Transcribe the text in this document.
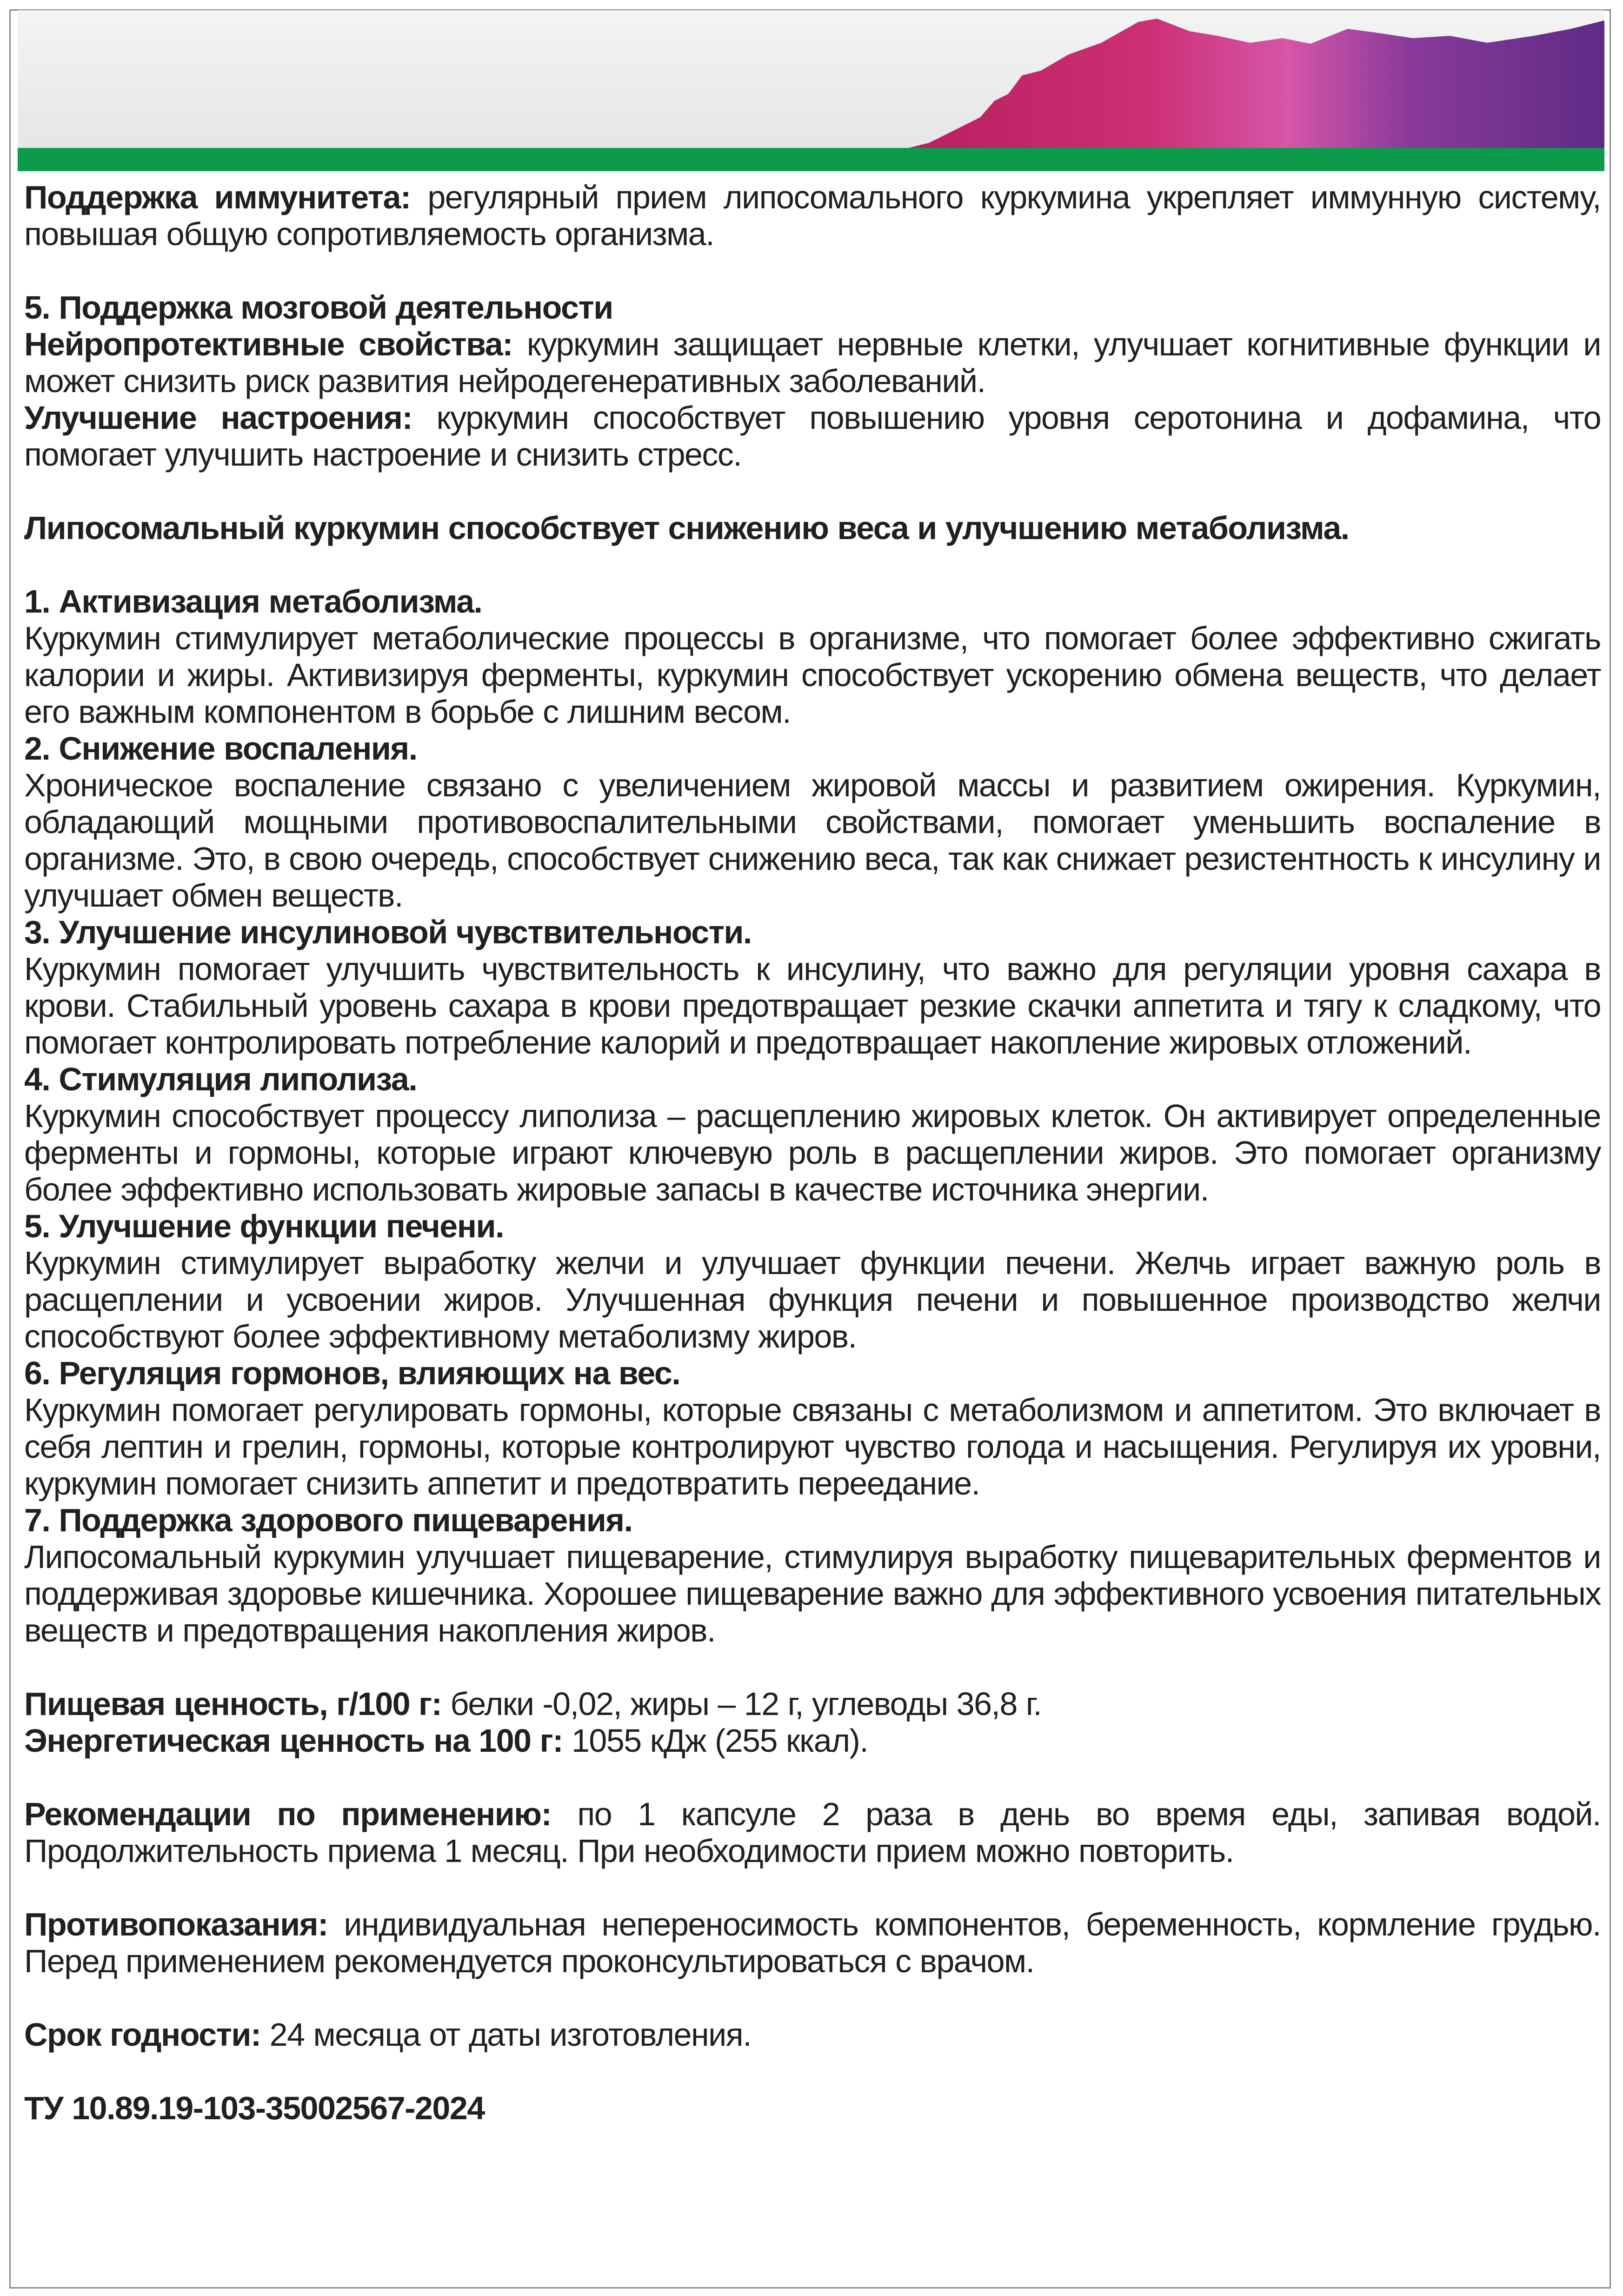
Поддержка иммунитета: регулярный прием липосомального куркумина укрепляет иммунную систему, повышая общую сопротивляемость организма.

5. Поддержка мозговой деятельности

Нейропротективные свойства: куркумин защищает нервные клетки, улучшает когнитивные функции и может снизить риск развития нейродегенеративных заболеваний.

Улучшение настроения: куркумин способствует повышению уровня серотонина и дофамина, что помогает улучшить настроение и снизить стресс.

Липосомальный куркумин способствует снижению веса и улучшению метаболизма.

1. Активизация метаболизма.

Куркумин стимулирует метаболические процессы в организме, что помогает более эффективно сжигать калории и жиры. Активизируя ферменты, куркумин способствует ускорению обмена веществ, что делает его важным компонентом в борьбе с лишним весом.

2. Снижение воспаления.

Хроническое воспаление связано с увеличением жировой массы и развитием ожирения. Куркумин, обладающий мощными противовоспалительными свойствами, помогает уменьшить воспаление в организме. Это, в свою очередь, способствует снижению веса, так как снижает резистентность к инсулину и улучшает обмен веществ.

3. Улучшение инсулиновой чувствительности.

Куркумин помогает улучшить чувствительность к инсулину, что важно для регуляции уровня сахара в крови. Стабильный уровень сахара в крови предотвращает резкие скачки аппетита и тягу к сладкому, что помогает контролировать потребление калорий и предотвращает накопление жировых отложений.

4. Стимуляция липолиза.

Куркумин способствует процессу липолиза – расщеплению жировых клеток. Он активирует определенные ферменты и гормоны, которые играют ключевую роль в расщеплении жиров. Это помогает организму более эффективно использовать жировые запасы в качестве источника энергии.

5. Улучшение функции печени.

Куркумин стимулирует выработку желчи и улучшает функции печени. Желчь играет важную роль в расщеплении и усвоении жиров. Улучшенная функция печени и повышенное производство желчи способствуют более эффективному метаболизму жиров.

6. Регуляция гормонов, влияющих на вес.

Куркумин помогает регулировать гормоны, которые связаны с метаболизмом и аппетитом. Это включает в себя лептин и грелин, гормоны, которые контролируют чувство голода и насыщения. Регулируя их уровни, куркумин помогает снизить аппетит и предотвратить переедание.

7. Поддержка здорового пищеварения.

Липосомальный куркумин улучшает пищеварение, стимулируя выработку пищеварительных ферментов и поддерживая здоровье кишечника. Хорошее пищеварение важно для эффективного усвоения питательных веществ и предотвращения накопления жиров.

Пищевая ценность, г/100 г: белки -0,02, жиры – 12 г, углеводы 36,8 г.

Энергетическая ценность на 100 г: 1055 кДж (255 ккал).

Рекомендации по применению: по 1 капсуле 2 раза в день во время еды, запивая водой. Продолжительность приема 1 месяц. При необходимости прием можно повторить.

Противопоказания: индивидуальная непереносимость компонентов, беременность, кормление грудью. Перед применением рекомендуется проконсультироваться с врачом.

Срок годности: 24 месяца от даты изготовления.

ТУ 10.89.19-103-35002567-2024
